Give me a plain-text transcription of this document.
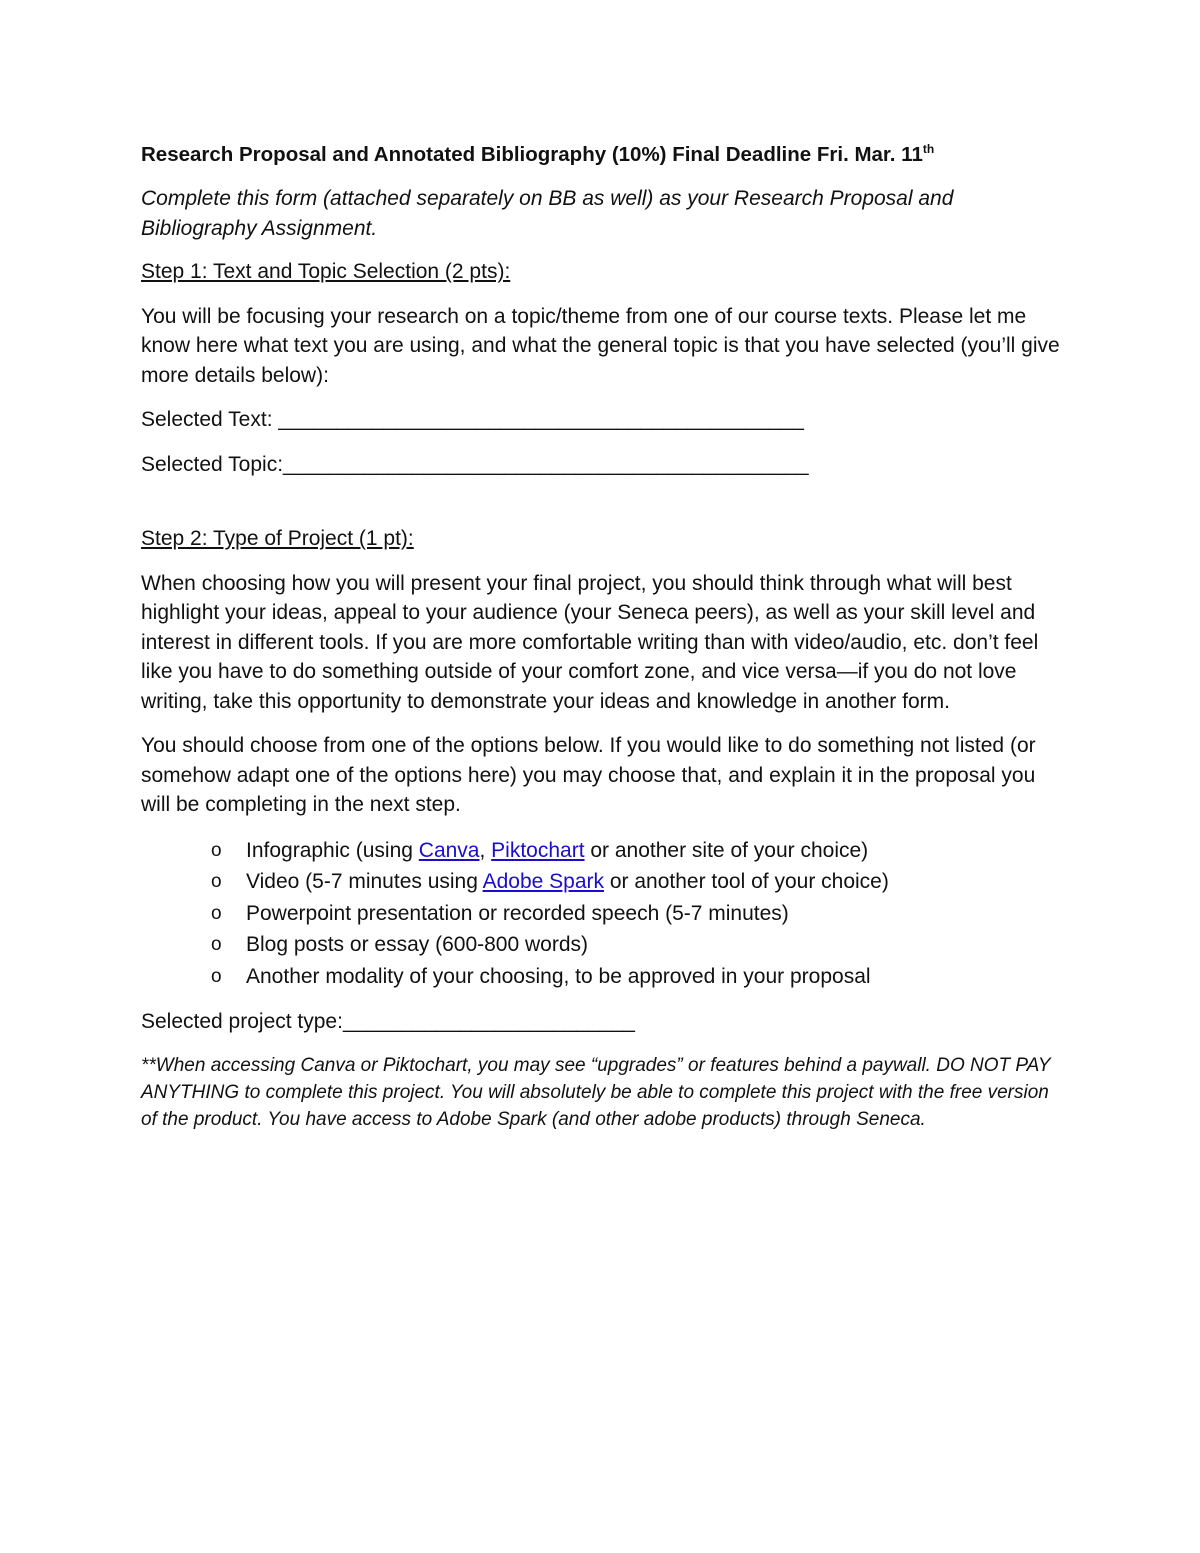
Research Proposal and Annotated Bibliography (10%) Final Deadline Fri. Mar. 11th

Complete this form (attached separately on BB as well) as your Research Proposal and Bibliography Assignment.

Step 1: Text and Topic Selection (2 pts):

You will be focusing your research on a topic/theme from one of our course texts. Please let me know here what text you are using, and what the general topic is that you have selected (you’ll give more details below):

Selected Text: _____________________________________________
Selected Topic:_____________________________________________
Step 2: Type of Project (1 pt):

When choosing how you will present your final project, you should think through what will best highlight your ideas, appeal to your audience (your Seneca peers), as well as your skill level and interest in different tools. If you are more comfortable writing than with video/audio, etc. don’t feel like you have to do something outside of your comfort zone, and vice versa—if you do not love writing, take this opportunity to demonstrate your ideas and knowledge in another form.

You should choose from one of the options below. If you would like to do something not listed (or somehow adapt one of the options here) you may choose that, and explain it in the proposal you will be completing in the next step.

o Infographic (using Canva, Piktochart or another site of your choice)
o Video (5-7 minutes using Adobe Spark or another tool of your choice)
o Powerpoint presentation or recorded speech (5-7 minutes)
o Blog posts or essay (600-800 words)
o Another modality of your choosing, to be approved in your proposal
Selected project type:_________________________

**When accessing Canva or Piktochart, you may see “upgrades” or features behind a paywall. DO NOT PAY ANYTHING to complete this project. You will absolutely be able to complete this project with the free version of the product. You have access to Adobe Spark (and other adobe products) through Seneca.
